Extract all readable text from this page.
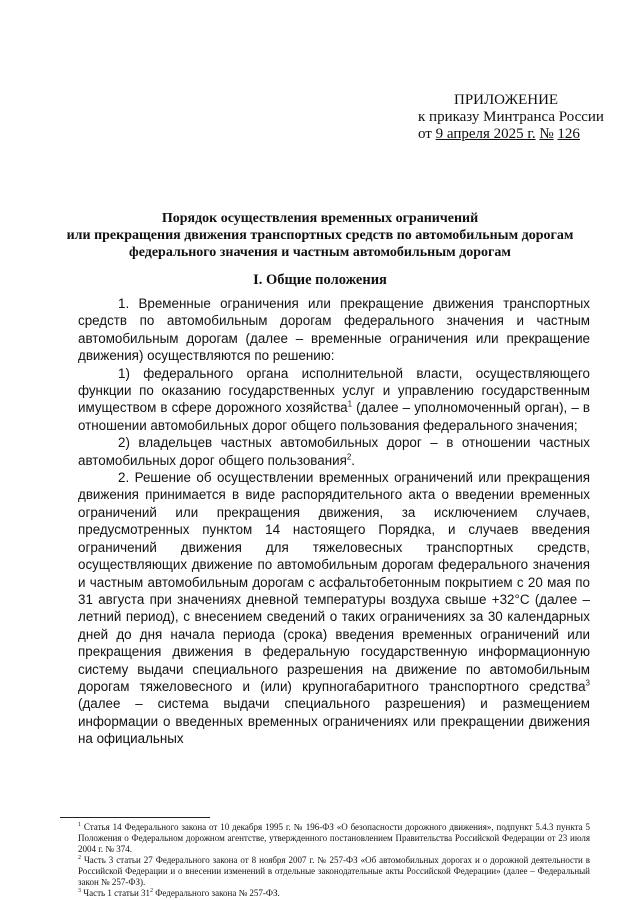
ПРИЛОЖЕНИЕ
к приказу Минтранса России
от 9 апреля 2025 г. № 126
Порядок осуществления временных ограничений
или прекращения движения транспортных средств по автомобильным дорогам
федерального значения и частным автомобильным дорогам
I. Общие положения

1. Временные ограничения или прекращение движения транспортных средств по автомобильным дорогам федерального значения и частным автомобильным дорогам (далее – временные ограничения или прекращение движения) осуществляются по решению:

1) федерального органа исполнительной власти, осуществляющего функции по оказанию государственных услуг и управлению государственным имуществом в сфере дорожного хозяйства$^1$ (далее – уполномоченный орган), – в отношении автомобильных дорог общего пользования федерального значения;

2) владельцев частных автомобильных дорог – в отношении частных автомобильных дорог общего пользования$^2$.

2. Решение об осуществлении временных ограничений или прекращения движения принимается в виде распорядительного акта о введении временных ограничений или прекращения движения, за исключением случаев, предусмотренных пунктом 14 настоящего Порядка, и случаев введения ограничений движения для тяжеловесных транспортных средств, осуществляющих движение по автомобильным дорогам федерального значения и частным автомобильным дорогам с асфальтобетонным покрытием с 20 мая по 31 августа при значениях дневной температуры воздуха свыше +32°С (далее – летний период), с внесением сведений о таких ограничениях за 30 календарных дней до дня начала периода (срока) введения временных ограничений или прекращения движения в федеральную государственную информационную систему выдачи специального разрешения на движение по автомобильным дорогам тяжеловесного и (или) крупногабаритного транспортного средства$^3$ (далее – система выдачи специального разрешения) и размещением информации о введенных временных ограничениях или прекращении движения на официальных

$^1$ Статья 14 Федерального закона от 10 декабря 1995 г. № 196-ФЗ «О безопасности дорожного движения», подпункт 5.4.3 пункта 5 Положения о Федеральном дорожном агентстве, утвержденного постановлением Правительства Российской Федерации от 23 июля 2004 г. № 374.

$^2$ Часть 3 статьи 27 Федерального закона от 8 ноября 2007 г. № 257-ФЗ «Об автомобильных дорогах и о дорожной деятельности в Российской Федерации и о внесении изменений в отдельные законодательные акты Российской Федерации» (далее – Федеральный закон № 257-ФЗ).

$^3$ Часть 1 статьи $31^2$ Федерального закона № 257-ФЗ.
